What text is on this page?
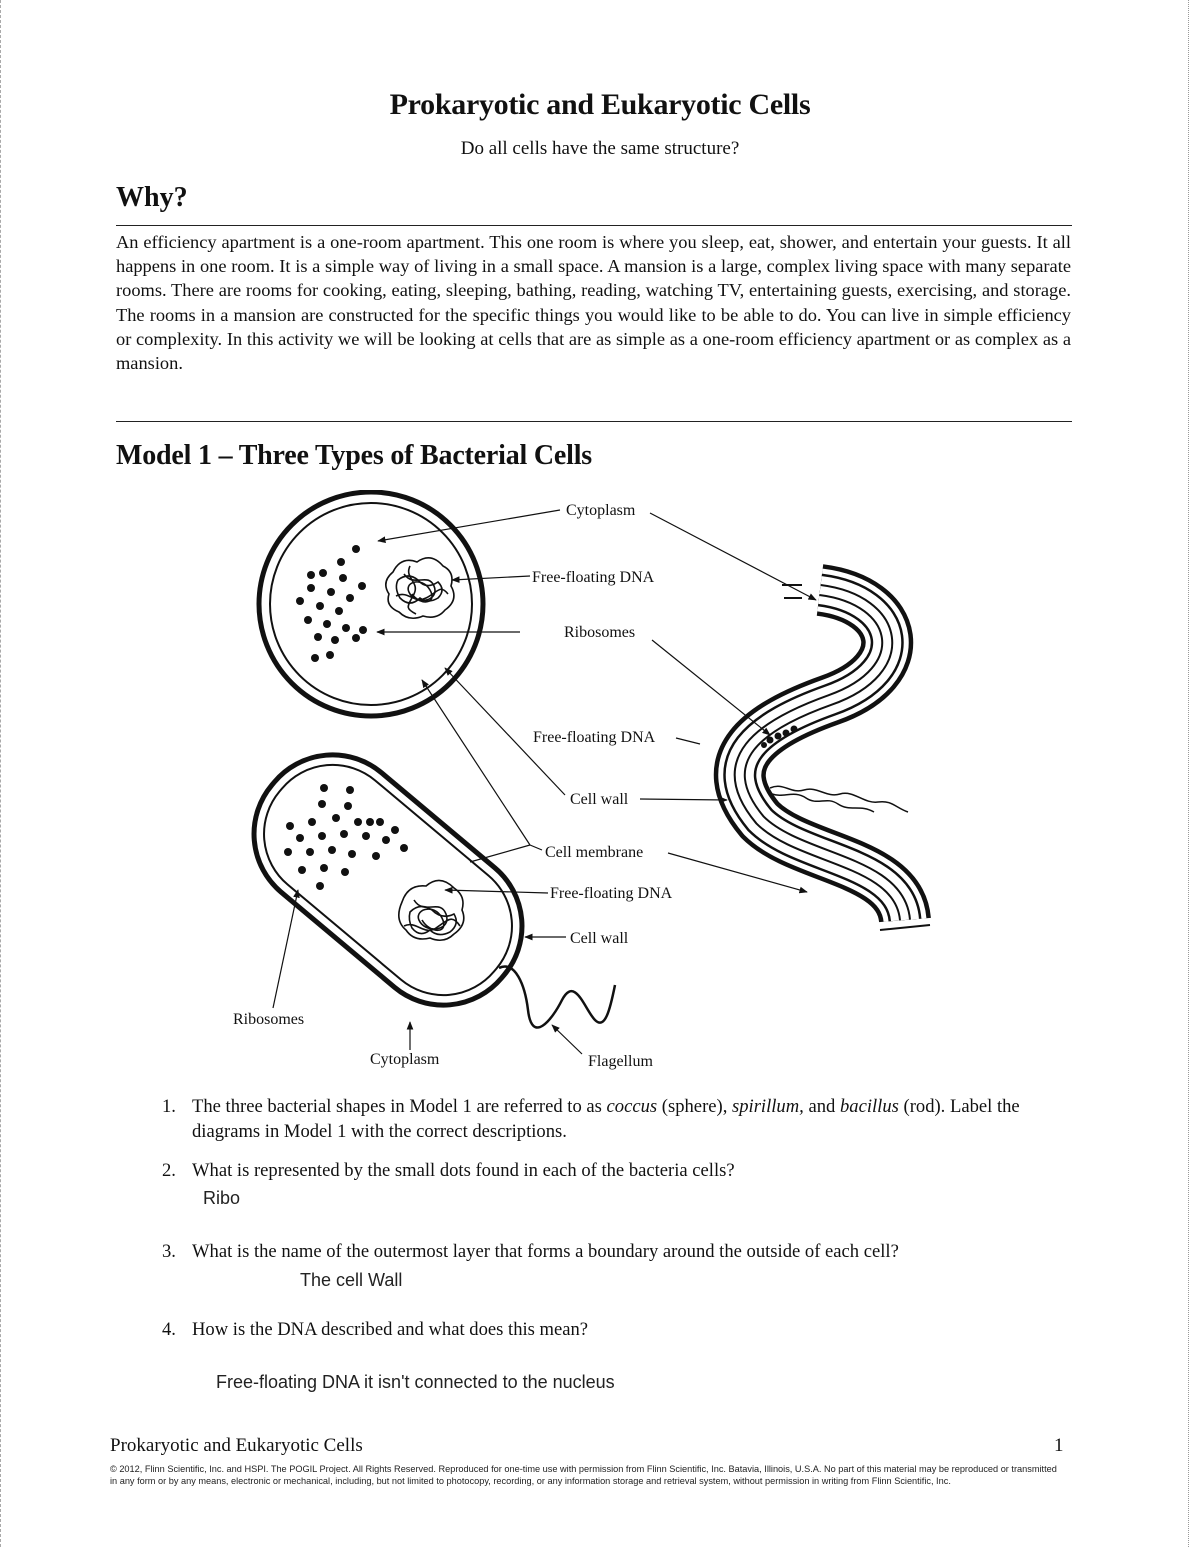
Prokaryotic and Eukaryotic Cells
Do all cells have the same structure?
Why?
An efficiency apartment is a one-room apartment. This one room is where you sleep, eat, shower, and entertain your guests. It all happens in one room. It is a simple way of living in a small space. A mansion is a large, complex living space with many separate rooms. There are rooms for cooking, eating, sleeping, bathing, reading, watching TV, entertaining guests, exercising, and storage. The rooms in a mansion are constructed for the specific things you would like to be able to do. You can live in simple efficiency or complexity. In this activity we will be looking at cells that are as simple as a one-room efficiency apartment or as complex as a mansion.
Model 1 – Three Types of Bacterial Cells
Cytoplasm
Free-floating DNA
Ribosomes
Free-floating DNA
Cell wall
Cell membrane
Free-floating DNA
Cell wall
Ribosomes
Cytoplasm	Flagellum
1. The three bacterial shapes in Model 1 are referred to as coccus (sphere), spirillum, and bacillus (rod). Label the diagrams in Model 1 with the correct descriptions.
2. What is represented by the small dots found in each of the bacteria cells?
Ribo
3. What is the name of the outermost layer that forms a boundary around the outside of each cell?
The cell Wall
4. How is the DNA described and what does this mean?
Free-floating DNA it isn't connected to the nucleus
Prokaryotic and Eukaryotic Cells	1
© 2012, Flinn Scientific, Inc. and HSPI. The POGIL Project. All Rights Reserved. Reproduced for one-time use with permission from Flinn Scientific, Inc. Batavia, Illinois, U.S.A. No part of this material may be reproduced or transmitted in any form or by any means, electronic or mechanical, including, but not limited to photocopy, recording, or any information storage and retrieval system, without permission in writing from Flinn Scientific, Inc.
